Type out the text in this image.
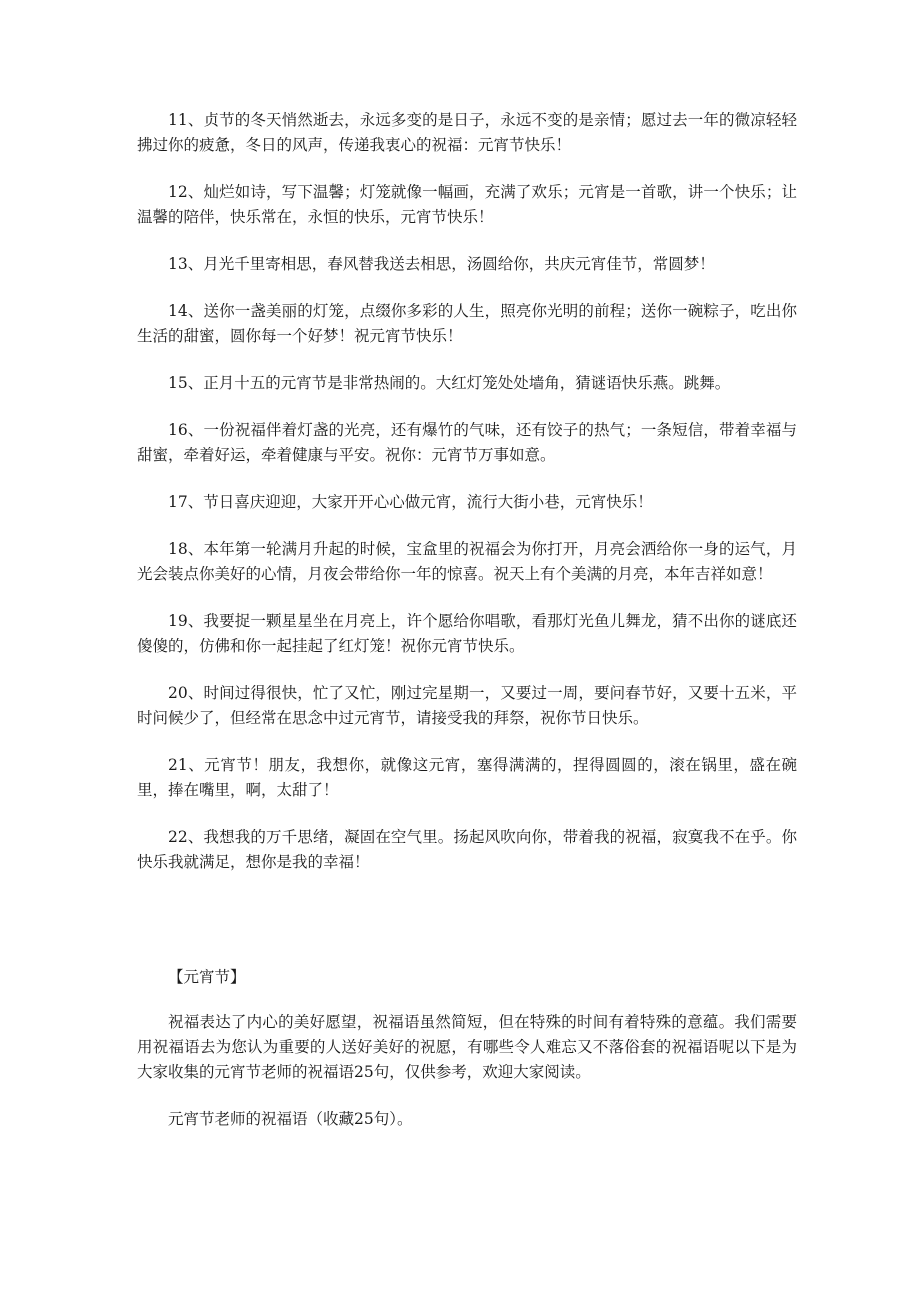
11、贞节的冬天悄然逝去，永远多变的是日子，永远不变的是亲情；愿过去一年的微凉轻轻拂过你的疲惫，冬日的风声，传递我衷心的祝福：元宵节快乐！

12、灿烂如诗，写下温馨；灯笼就像一幅画，充满了欢乐；元宵是一首歌，讲一个快乐；让温馨的陪伴，快乐常在，永恒的快乐，元宵节快乐！

13、月光千里寄相思，春风替我送去相思，汤圆给你，共庆元宵佳节，常圆梦！

14、送你一盏美丽的灯笼，点缀你多彩的人生，照亮你光明的前程；送你一碗粽子，吃出你生活的甜蜜，圆你每一个好梦！祝元宵节快乐！

15、正月十五的元宵节是非常热闹的。大红灯笼处处墙角，猜谜语快乐燕。跳舞。

16、一份祝福伴着灯盏的光亮，还有爆竹的气味，还有饺子的热气；一条短信，带着幸福与甜蜜，牵着好运，牵着健康与平安。祝你：元宵节万事如意。

17、节日喜庆迎迎，大家开开心心做元宵，流行大街小巷，元宵快乐！

18、本年第一轮满月升起的时候，宝盒里的祝福会为你打开，月亮会洒给你一身的运气，月光会装点你美好的心情，月夜会带给你一年的惊喜。祝天上有个美满的月亮，本年吉祥如意！

19、我要捉一颗星星坐在月亮上，许个愿给你唱歌，看那灯光鱼儿舞龙，猜不出你的谜底还傻傻的，仿佛和你一起挂起了红灯笼！祝你元宵节快乐。

20、时间过得很快，忙了又忙，刚过完星期一，又要过一周，要问春节好，又要十五米，平时问候少了，但经常在思念中过元宵节，请接受我的拜祭，祝你节日快乐。

21、元宵节！朋友，我想你，就像这元宵，塞得满满的，捏得圆圆的，滚在锅里，盛在碗里，捧在嘴里，啊，太甜了！

22、我想我的万千思绪，凝固在空气里。扬起风吹向你，带着我的祝福，寂寞我不在乎。你快乐我就满足，想你是我的幸福！

【元宵节】

祝福表达了内心的美好愿望，祝福语虽然简短，但在特殊的时间有着特殊的意蕴。我们需要用祝福语去为您认为重要的人送好美好的祝愿，有哪些令人难忘又不落俗套的祝福语呢以下是为大家收集的元宵节老师的祝福语25句，仅供参考，欢迎大家阅读。

元宵节老师的祝福语（收藏25句）。
